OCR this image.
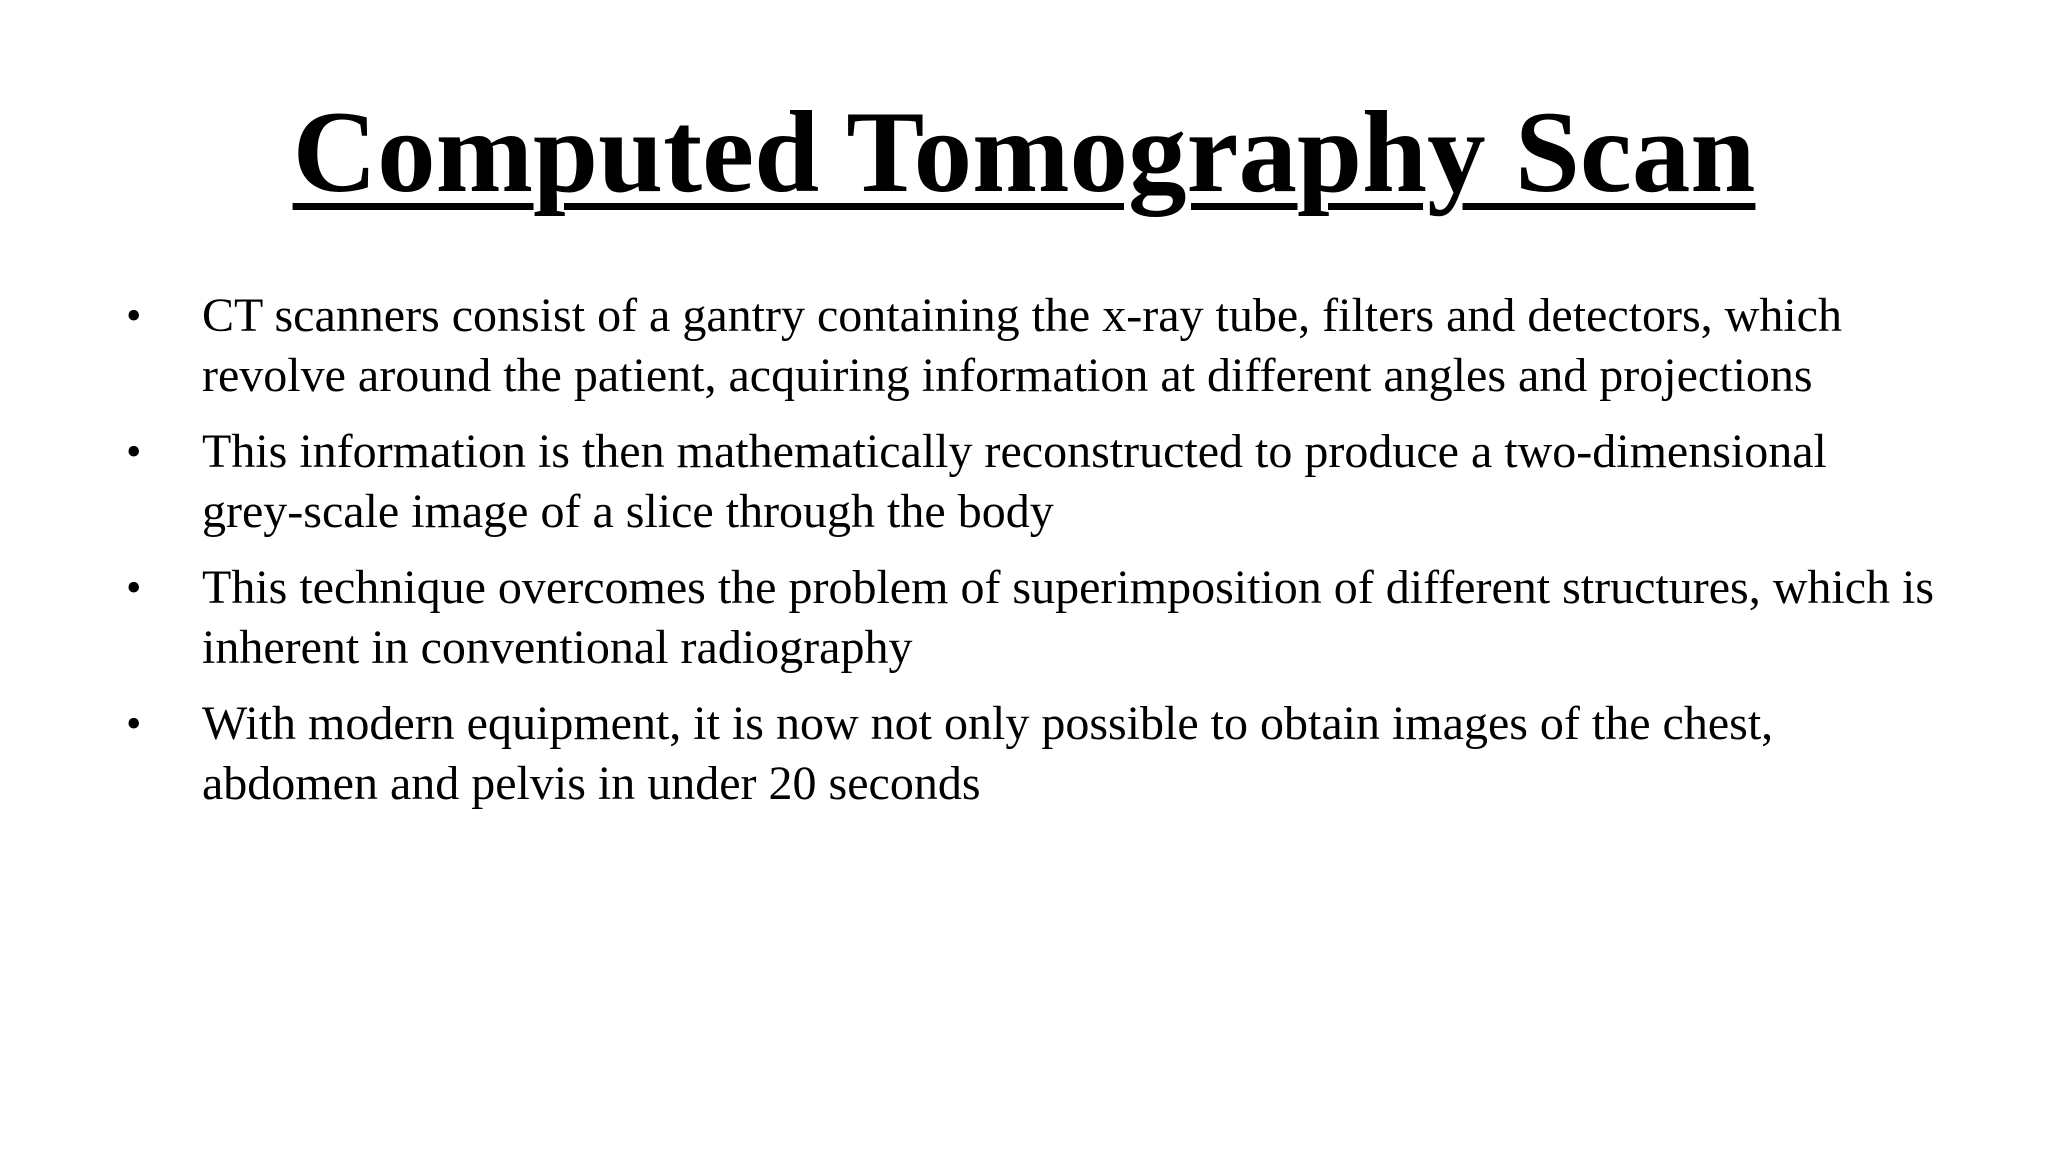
Computed Tomography Scan
• CT scanners consist of a gantry containing the x-ray tube, filters and detectors, which revolve around the patient, acquiring information at different angles and projections
• This information is then mathematically reconstructed to produce a two-dimensional grey-scale image of a slice through the body
• This technique overcomes the problem of superimposition of different structures, which is inherent in conventional radiography
• With modern equipment, it is now not only possible to obtain images of the chest, abdomen and pelvis in under 20 seconds
